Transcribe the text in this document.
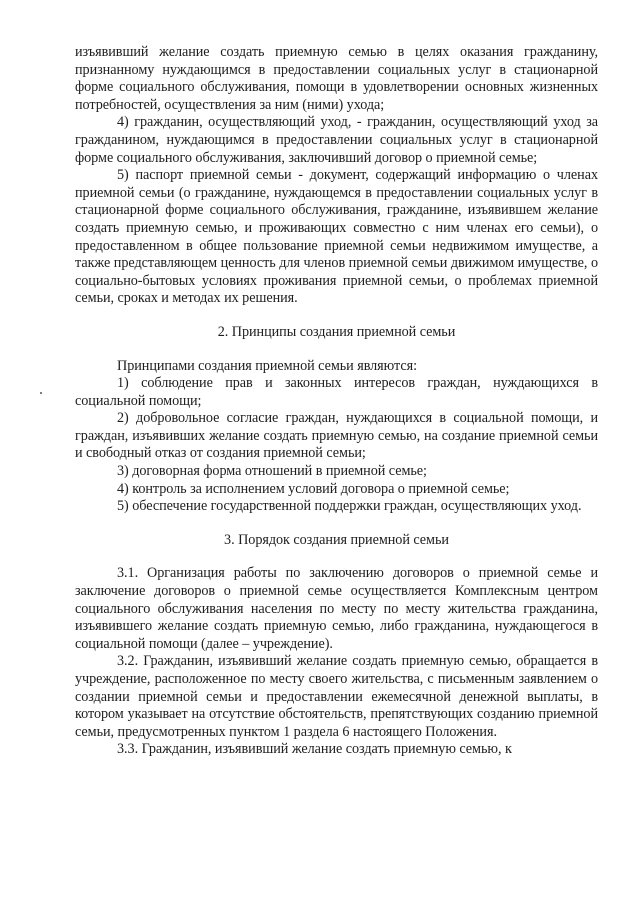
изъявивший желание создать приемную семью в целях оказания гражданину, признанному нуждающимся в предоставлении социальных услуг в стационарной форме социального обслуживания, помощи в удовлетворении основных жизненных потребностей, осуществления за ним (ними) ухода;

4) гражданин, осуществляющий уход, - гражданин, осуществляющий уход за гражданином, нуждающимся в предоставлении социальных услуг в стационарной форме социального обслуживания, заключивший договор о приемной семье;

5) паспорт приемной семьи - документ, содержащий информацию о членах приемной семьи (о гражданине, нуждающемся в предоставлении социальных услуг в стационарной форме социального обслуживания, гражданине, изъявившем желание создать приемную семью, и проживающих совместно с ним членах его семьи), о предоставленном в общее пользование приемной семьи недвижимом имуществе, а также представляющем ценность для членов приемной семьи движимом имуществе, о социально-бытовых условиях проживания приемной семьи, о проблемах приемной семьи, сроках и методах их решения.

2. Принципы создания приемной семьи

Принципами создания приемной семьи являются:

1) соблюдение прав и законных интересов граждан, нуждающихся в социальной помощи;

2) добровольное согласие граждан, нуждающихся в социальной помощи, и граждан, изъявивших желание создать приемную семью, на создание приемной семьи и свободный отказ от создания приемной семьи;

3) договорная форма отношений в приемной семье;

4) контроль за исполнением условий договора о приемной семье;

5) обеспечение государственной поддержки граждан, осуществляющих уход.

3. Порядок создания приемной семьи

3.1. Организация работы по заключению договоров о приемной семье и заключение договоров о приемной семье осуществляется Комплексным центром социального обслуживания населения по месту по месту жительства гражданина, изъявившего желание создать приемную семью, либо гражданина, нуждающегося в социальной помощи (далее – учреждение).

3.2. Гражданин, изъявивший желание создать приемную семью, обращается в учреждение, расположенное по месту своего жительства, с письменным заявлением о создании приемной семьи и предоставлении ежемесячной денежной выплаты, в котором указывает на отсутствие обстоятельств, препятствующих созданию приемной семьи, предусмотренных пунктом 1 раздела 6 настоящего Положения.

3.3. Гражданин, изъявивший желание создать приемную семью, к
